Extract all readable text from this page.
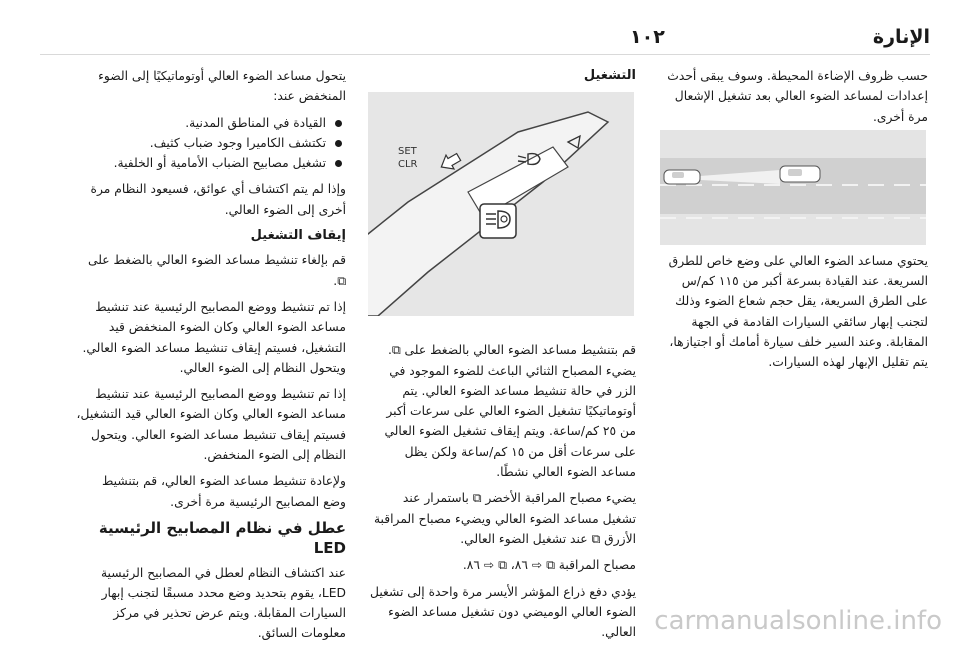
الإنارة
١٠٢

حسب ظروف الإضاءة المحيطة. وسوف يبقى أحدث إعدادات لمساعد الضوء العالي بعد تشغيل الإشعال مرة أخرى.

يحتوي مساعد الضوء العالي على وضع خاص للطرق السريعة. عند القيادة بسرعة أكبر من ١١٥ كم/س على الطرق السريعة، يقل حجم شعاع الضوء وذلك لتجنب إبهار سائقي السيارات القادمة في الجهة المقابلة. وعند السير خلف سيارة أمامك أو اجتيازها، يتم تقليل الإبهار لهذه السيارات.

التشغيل

قم بتنشيط مساعد الضوء العالي بالضغط على ⧉. يضيء المصباح الثنائي الباعث للضوء الموجود في الزر في حالة تنشيط مساعد الضوء العالي. يتم أوتوماتيكيًا تشغيل الضوء العالي على سرعات أكبر من ٢٥ كم/ساعة. ويتم إيقاف تشغيل الضوء العالي على سرعات أقل من ١٥ كم/ساعة ولكن يظل مساعد الضوء العالي نشطًا.

يضيء مصباح المراقبة الأخضر ⧉ باستمرار عند تشغيل مساعد الضوء العالي ويضيء مصباح المراقبة الأزرق ⧉ عند تشغيل الضوء العالي.

مصباح المراقبة ⧉ ⇨ ٨٦، ⧉ ⇨ ٨٦.

يؤدي دفع ذراع المؤشر الأيسر مرة واحدة إلى تشغيل الضوء العالي الوميضي دون تشغيل مساعد الضوء العالي.

SET
CLR

يتحول مساعد الضوء العالي أوتوماتيكيًا إلى الضوء المنخفض عند:

القيادة في المناطق المدنية.
تكتشف الكاميرا وجود ضباب كثيف.
تشغيل مصابيح الضباب الأمامية أو الخلفية.

وإذا لم يتم اكتشاف أي عوائق، فسيعود النظام مرة أخرى إلى الضوء العالي.

إيقاف التشغيل

قم بإلغاء تنشيط مساعد الضوء العالي بالضغط على ⧉.

إذا تم تنشيط ووضع المصابيح الرئيسية عند تنشيط مساعد الضوء العالي وكان الضوء المنخفض قيد التشغيل، فسيتم إيقاف تنشيط مساعد الضوء العالي. ويتحول النظام إلى الضوء العالي.

إذا تم تنشيط ووضع المصابيح الرئيسية عند تنشيط مساعد الضوء العالي وكان الضوء العالي قيد التشغيل، فسيتم إيقاف تنشيط مساعد الضوء العالي. ويتحول النظام إلى الضوء المنخفض.

ولإعادة تنشيط مساعد الضوء العالي، قم بتنشيط وضع المصابيح الرئيسية مرة أخرى.

عطل في نظام المصابيح الرئيسية LED

عند اكتشاف النظام لعطل في المصابيح الرئيسية LED، يقوم بتحديد وضع محدد مسبقًا لتجنب إبهار السيارات المقابلة. ويتم عرض تحذير في مركز معلومات السائق.	carmanualsonline.info
